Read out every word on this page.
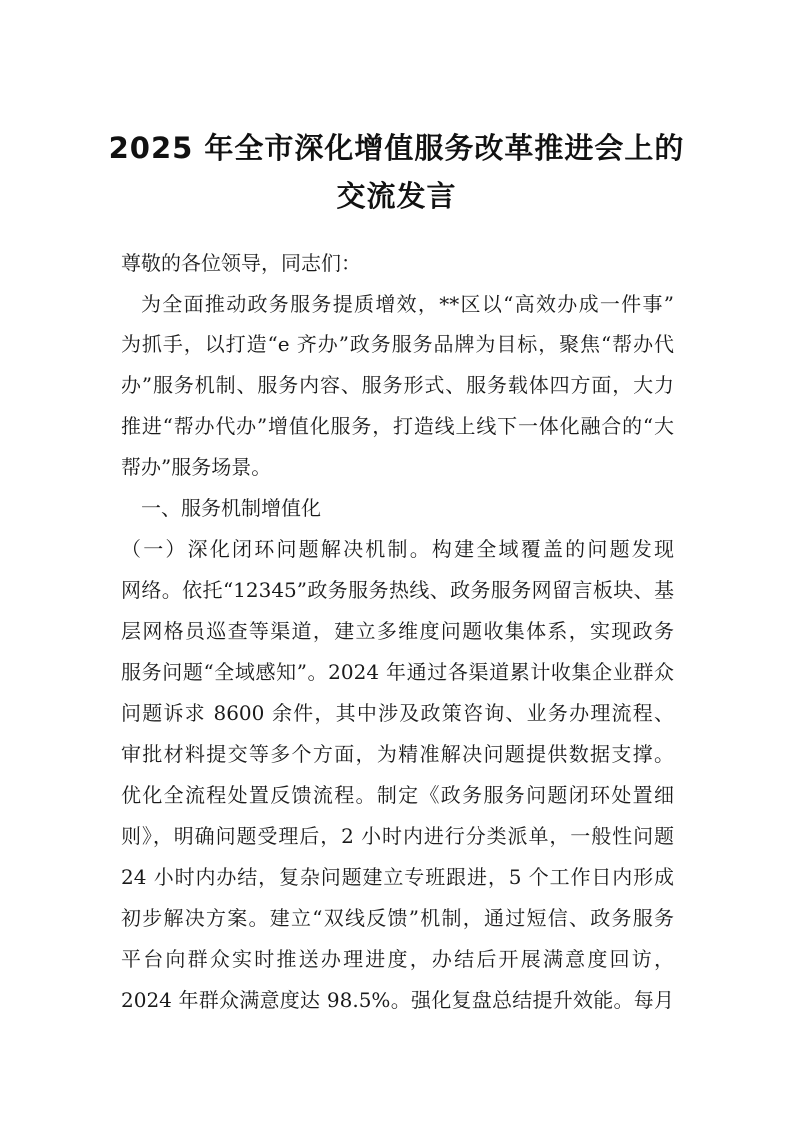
2025 年全市深化增值服务改革推进会上的
交流发言
尊敬的各位领导，同志们：
为全面推动政务服务提质增效，**区以“高效办成一件事”
为抓手，以打造“e 齐办”政务服务品牌为目标，聚焦“帮办代
办”服务机制、服务内容、服务形式、服务载体四方面，大力
推进“帮办代办”增值化服务，打造线上线下一体化融合的“大
帮办”服务场景。
一、服务机制增值化
（一）深化闭环问题解决机制。构建全域覆盖的问题发现
网络。依托“12345”政务服务热线、政务服务网留言板块、基
层网格员巡查等渠道，建立多维度问题收集体系，实现政务
服务问题“全域感知”。2024 年通过各渠道累计收集企业群众
问题诉求 8600 余件，其中涉及政策咨询、业务办理流程、
审批材料提交等多个方面，为精准解决问题提供数据支撑。
优化全流程处置反馈流程。制定《政务服务问题闭环处置细
则》，明确问题受理后，2 小时内进行分类派单，一般性问题
24 小时内办结，复杂问题建立专班跟进，5 个工作日内形成
初步解决方案。建立“双线反馈”机制，通过短信、政务服务
平台向群众实时推送办理进度，办结后开展满意度回访，
2024 年群众满意度达 98.5%。强化复盘总结提升效能。每月
